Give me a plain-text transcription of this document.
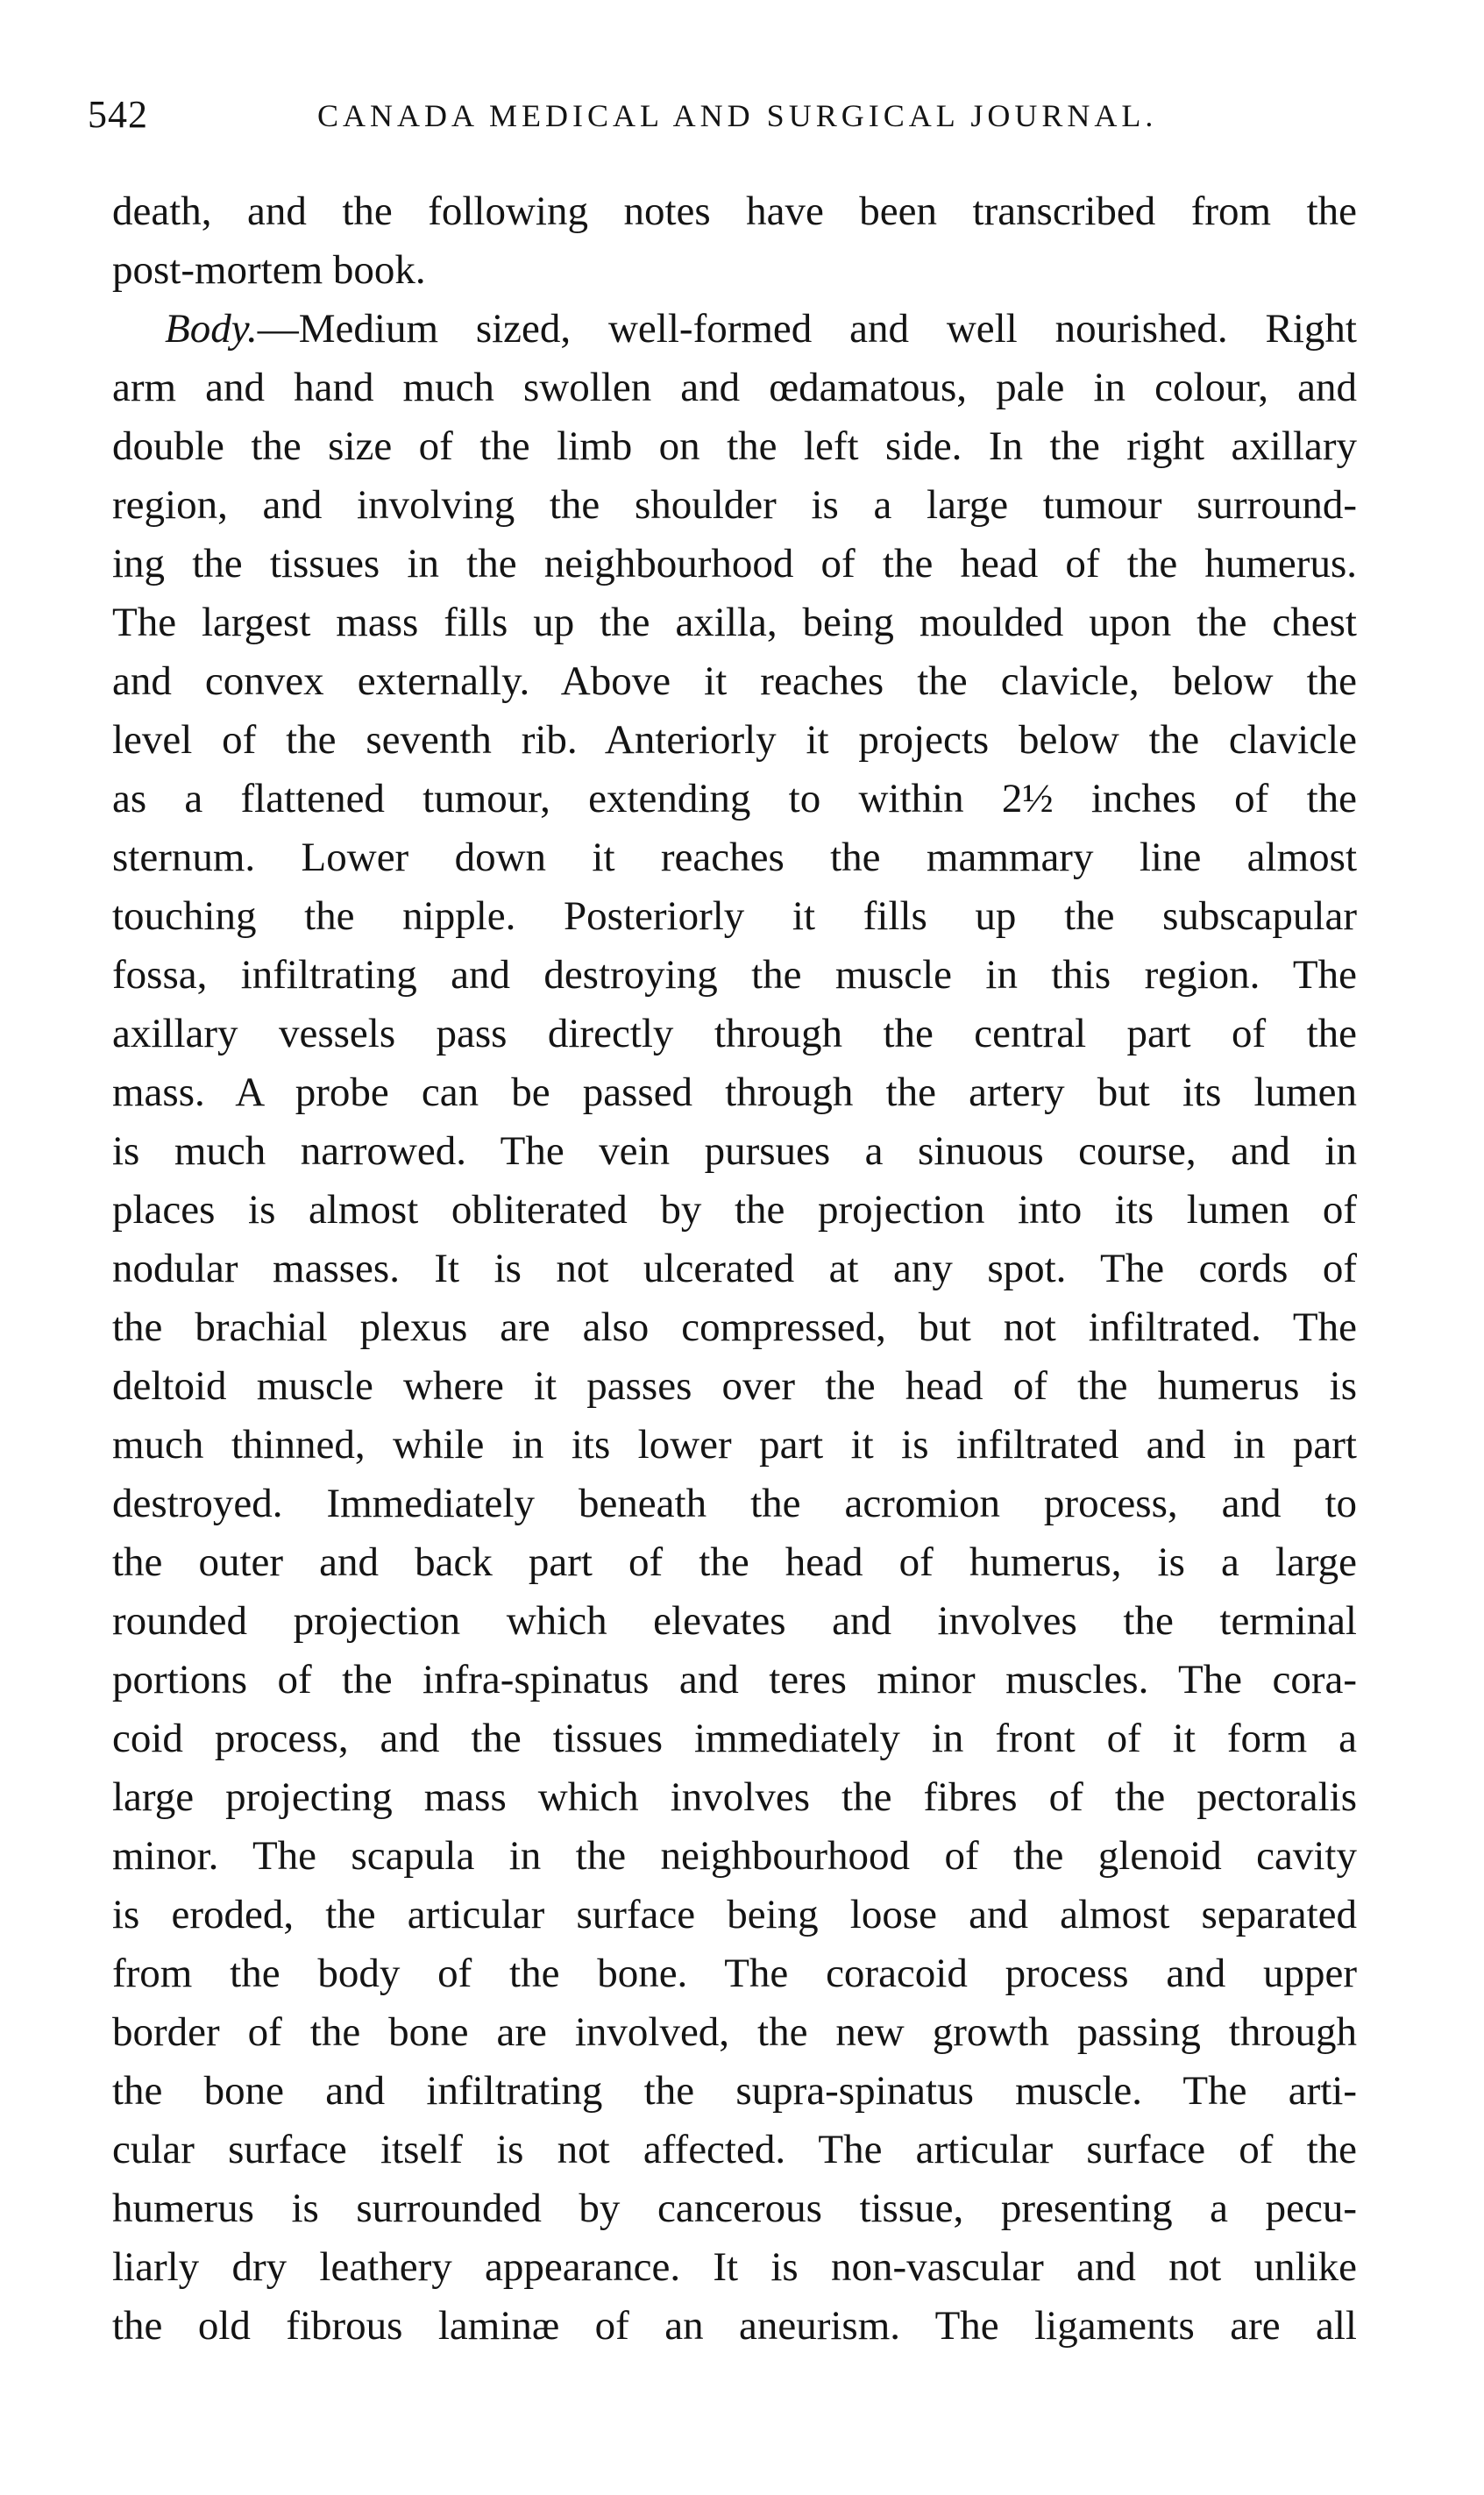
542	CANADA MEDICAL AND SURGICAL JOURNAL.
death, and the following notes have been transcribed from the
post-mortem book.
Body.—Medium sized, well-formed and well nourished. Right
arm and hand much swollen and œdamatous, pale in colour, and
double the size of the limb on the left side. In the right axillary
region, and involving the shoulder is a large tumour surround-
ing the tissues in the neighbourhood of the head of the humerus.
The largest mass fills up the axilla, being moulded upon the chest
and convex externally. Above it reaches the clavicle, below the
level of the seventh rib. Anteriorly it projects below the clavicle
as a flattened tumour, extending to within 2½ inches of the
sternum. Lower down it reaches the mammary line almost
touching the nipple. Posteriorly it fills up the subscapular
fossa, infiltrating and destroying the muscle in this region. The
axillary vessels pass directly through the central part of the
mass. A probe can be passed through the artery but its lumen
is much narrowed. The vein pursues a sinuous course, and in
places is almost obliterated by the projection into its lumen of
nodular masses. It is not ulcerated at any spot. The cords of
the brachial plexus are also compressed, but not infiltrated. The
deltoid muscle where it passes over the head of the humerus is
much thinned, while in its lower part it is infiltrated and in part
destroyed. Immediately beneath the acromion process, and to
the outer and back part of the head of humerus, is a large
rounded projection which elevates and involves the terminal
portions of the infra-spinatus and teres minor muscles. The cora-
coid process, and the tissues immediately in front of it form a
large projecting mass which involves the fibres of the pectoralis
minor. The scapula in the neighbourhood of the glenoid cavity
is eroded, the articular surface being loose and almost separated
from the body of the bone. The coracoid process and upper
border of the bone are involved, the new growth passing through
the bone and infiltrating the supra-spinatus muscle. The arti-
cular surface itself is not affected. The articular surface of the
humerus is surrounded by cancerous tissue, presenting a pecu-
liarly dry leathery appearance. It is non-vascular and not unlike
the old fibrous laminæ of an aneurism. The ligaments are all
